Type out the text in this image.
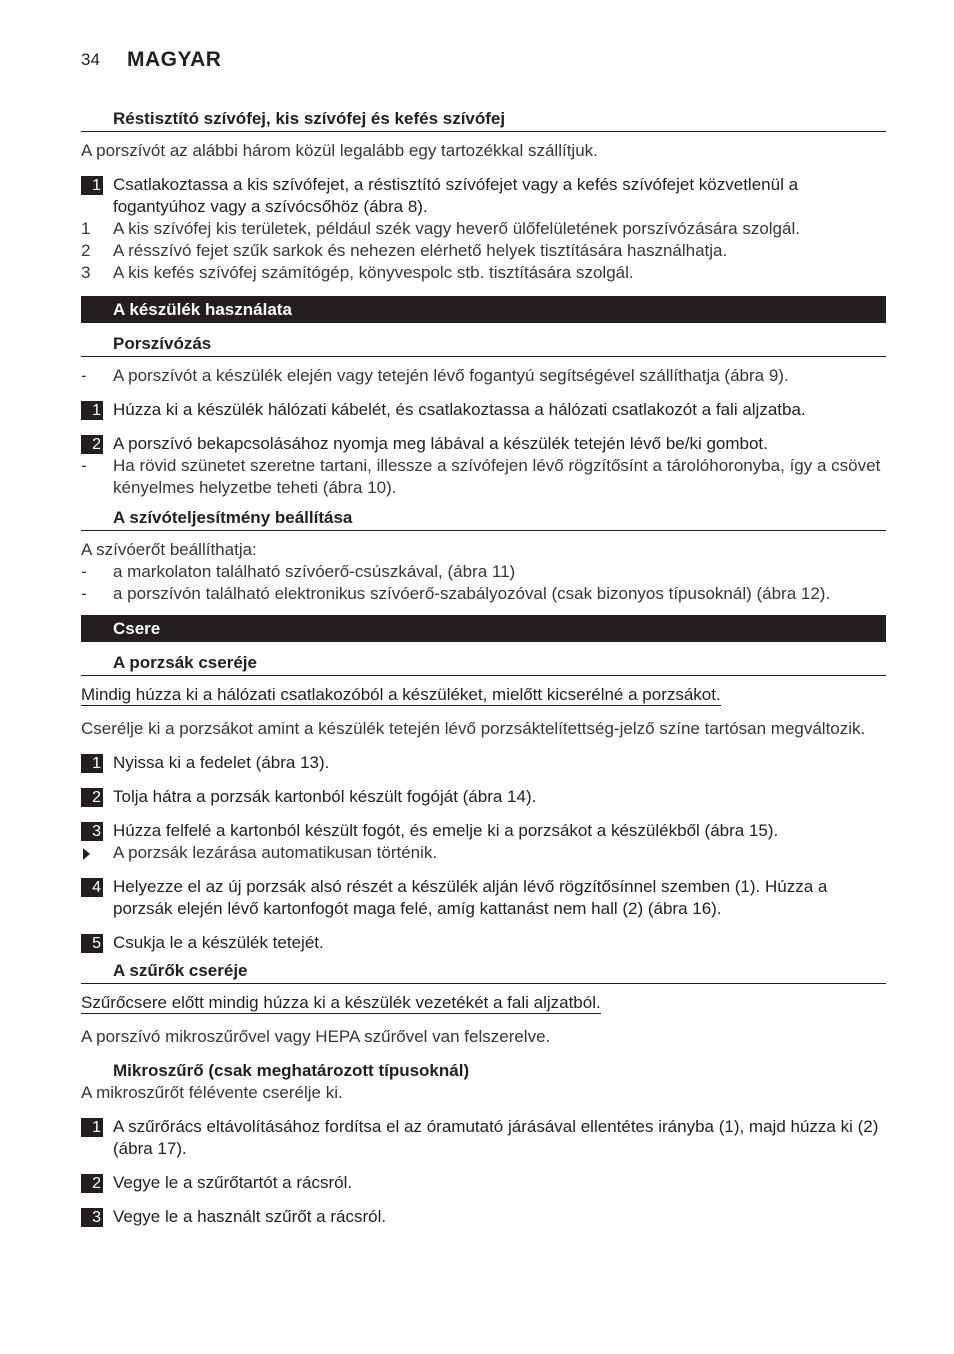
34 MAGYAR
Réstisztító szívófej, kis szívófej és kefés szívófej
A porszívót az alábbi három közül legalább egy tartozékkal szállítjuk.
1 Csatlakoztassa a kis szívófejet, a réstisztító szívófejet vagy a kefés szívófejet közvetlenül a fogantyúhoz vagy a szívócsőhöz (ábra 8).
1	A kis szívófej kis területek, például szék vagy heverő ülőfelületének porszívózására szolgál.
2	A résszívó fejet szűk sarkok és nehezen elérhető helyek tisztítására használhatja.
3	A kis kefés szívófej számítógép, könyvespolc stb. tisztítására szolgál.
A készülék használata
Porszívózás
-	A porszívót a készülék elején vagy tetején lévő fogantyú segítségével szállíthatja (ábra 9).
1 Húzza ki a készülék hálózati kábelét, és csatlakoztassa a hálózati csatlakozót a fali aljzatba.
2 A porszívó bekapcsolásához nyomja meg lábával a készülék tetején lévő be/ki gombot.
-	Ha rövid szünetet szeretne tartani, illessze a szívófejen lévő rögzítősínt a tárolóhoronyba, így a csövet kényelmes helyzetbe teheti (ábra 10).
A szívóteljesítmény beállítása
A szívóerőt beállíthatja:
-	a markolaton található szívóerő-csúszkával, (ábra 11)
-	a porszívón található elektronikus szívóerő-szabályozóval (csak bizonyos típusoknál) (ábra 12).
Csere
A porzsák cseréje
Mindig húzza ki a hálózati csatlakozóból a készüléket, mielőtt kicserélné a porzsákot.
Cserélje ki a porzsákot amint a készülék tetején lévő porzsáktelítettség-jelző színe tartósan megváltozik.
1 Nyissa ki a fedelet (ábra 13).
2 Tolja hátra a porzsák kartonból készült fogóját (ábra 14).
3 Húzza felfelé a kartonból készült fogót, és emelje ki a porzsákot a készülékből (ábra 15).
A porzsák lezárása automatikusan történik.
4 Helyezze el az új porzsák alsó részét a készülék alján lévő rögzítősínnel szemben (1). Húzza a porzsák elején lévő kartonfogót maga felé, amíg kattanást nem hall (2) (ábra 16).
5 Csukja le a készülék tetejét.
A szűrők cseréje
Szűrőcsere előtt mindig húzza ki a készülék vezetékét a fali aljzatból.
A porszívó mikroszűrővel vagy HEPA szűrővel van felszerelve.
Mikroszűrő (csak meghatározott típusoknál)
A mikroszűrőt félévente cserélje ki.
1 A szűrőrács eltávolításához fordítsa el az óramutató járásával ellentétes irányba (1), majd húzza ki (2) (ábra 17).
2 Vegye le a szűrőtartót a rácsról.
3 Vegye le a használt szűrőt a rácsról.
